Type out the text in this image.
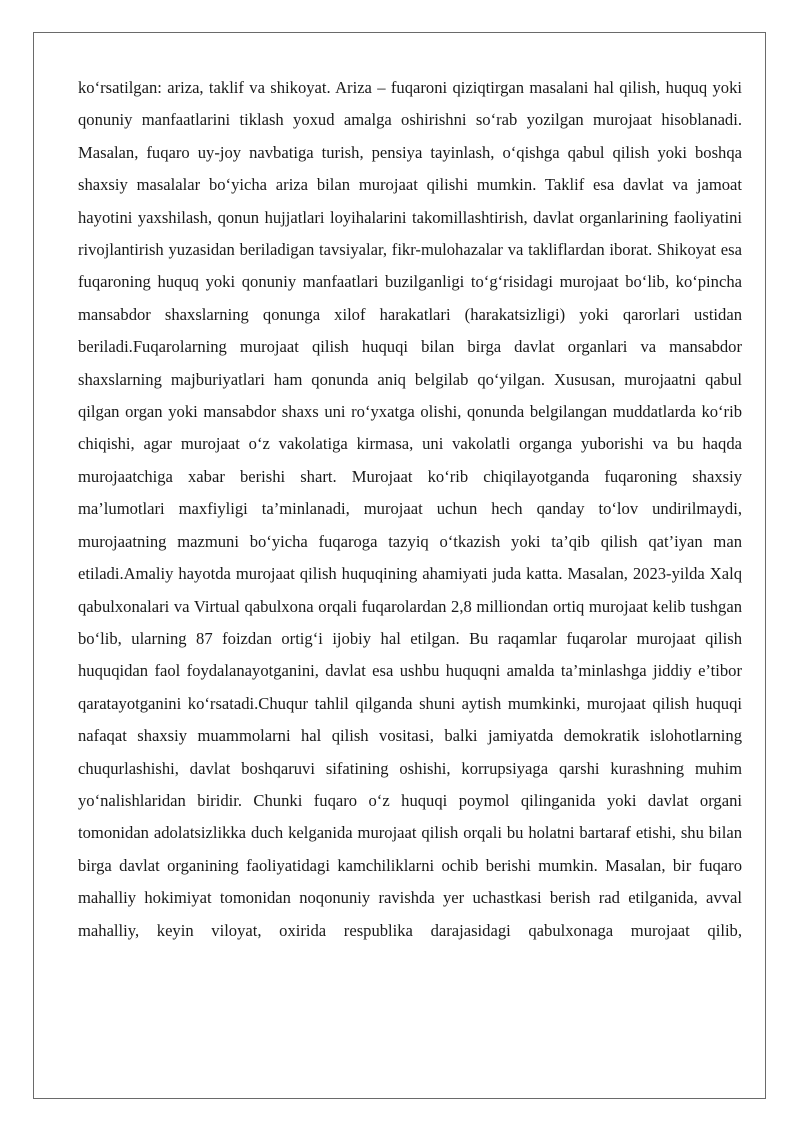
ko‘rsatilgan: ariza, taklif va shikoyat. Ariza – fuqaroni qiziqtirgan masalani hal qilish, huquq yoki qonuniy manfaatlarini tiklash yoxud amalga oshirishni so‘rab yozilgan murojaat hisoblanadi. Masalan, fuqaro uy-joy navbatiga turish, pensiya tayinlash, o‘qishga qabul qilish yoki boshqa shaxsiy masalalar bo‘yicha ariza bilan murojaat qilishi mumkin. Taklif esa davlat va jamoat hayotini yaxshilash, qonun hujjatlari loyihalarini takomillashtirish, davlat organlarining faoliyatini rivojlantirish yuzasidan beriladigan tavsiyalar, fikr-mulohazalar va takliflardan iborat. Shikoyat esa fuqaroning huquq yoki qonuniy manfaatlari buzilganligi to‘g‘risidagi murojaat bo‘lib, ko‘pincha mansabdor shaxslarning qonunga xilof harakatlari (harakatsizligi) yoki qarorlari ustidan beriladi.Fuqarolarning murojaat qilish huquqi bilan birga davlat organlari va mansabdor shaxslarning majburiyatlari ham qonunda aniq belgilab qo‘yilgan. Xususan, murojaatni qabul qilgan organ yoki mansabdor shaxs uni ro‘yxatga olishi, qonunda belgilangan muddatlarda ko‘rib chiqishi, agar murojaat o‘z vakolatiga kirmasa, uni vakolatli organga yuborishi va bu haqda murojaatchiga xabar berishi shart. Murojaat ko‘rib chiqilayotganda fuqaroning shaxsiy ma’lumotlari maxfiyligi ta’minlanadi, murojaat uchun hech qanday to‘lov undirilmaydi, murojaatning mazmuni bo‘yicha fuqaroga tazyiq o‘tkazish yoki ta’qib qilish qat’iyan man etiladi.Amaliy hayotda murojaat qilish huquqining ahamiyati juda katta. Masalan, 2023-yilda Xalq qabulxonalari va Virtual qabulxona orqali fuqarolardan 2,8 milliondan ortiq murojaat kelib tushgan bo‘lib, ularning 87 foizdan ortig‘i ijobiy hal etilgan. Bu raqamlar fuqarolar murojaat qilish huquqidan faol foydalanayotganini, davlat esa ushbu huquqni amalda ta’minlashga jiddiy e’tibor qaratayotganini ko‘rsatadi.Chuqur tahlil qilganda shuni aytish mumkinki, murojaat qilish huquqi nafaqat shaxsiy muammolarni hal qilish vositasi, balki jamiyatda demokratik islohotlarning chuqurlashishi, davlat boshqaruvi sifatining oshishi, korrupsiyaga qarshi kurashning muhim yo‘nalishlaridan biridir. Chunki fuqaro o‘z huquqi poymol qilinganida yoki davlat organi tomonidan adolatsizlikka duch kelganida murojaat qilish orqali bu holatni bartaraf etishi, shu bilan birga davlat organining faoliyatidagi kamchiliklarni ochib berishi mumkin. Masalan, bir fuqaro mahalliy hokimiyat tomonidan noqonuniy ravishda yer uchastkasi berish rad etilganida, avval mahalliy, keyin viloyat, oxirida respublika darajasidagi qabulxonaga murojaat qilib,
